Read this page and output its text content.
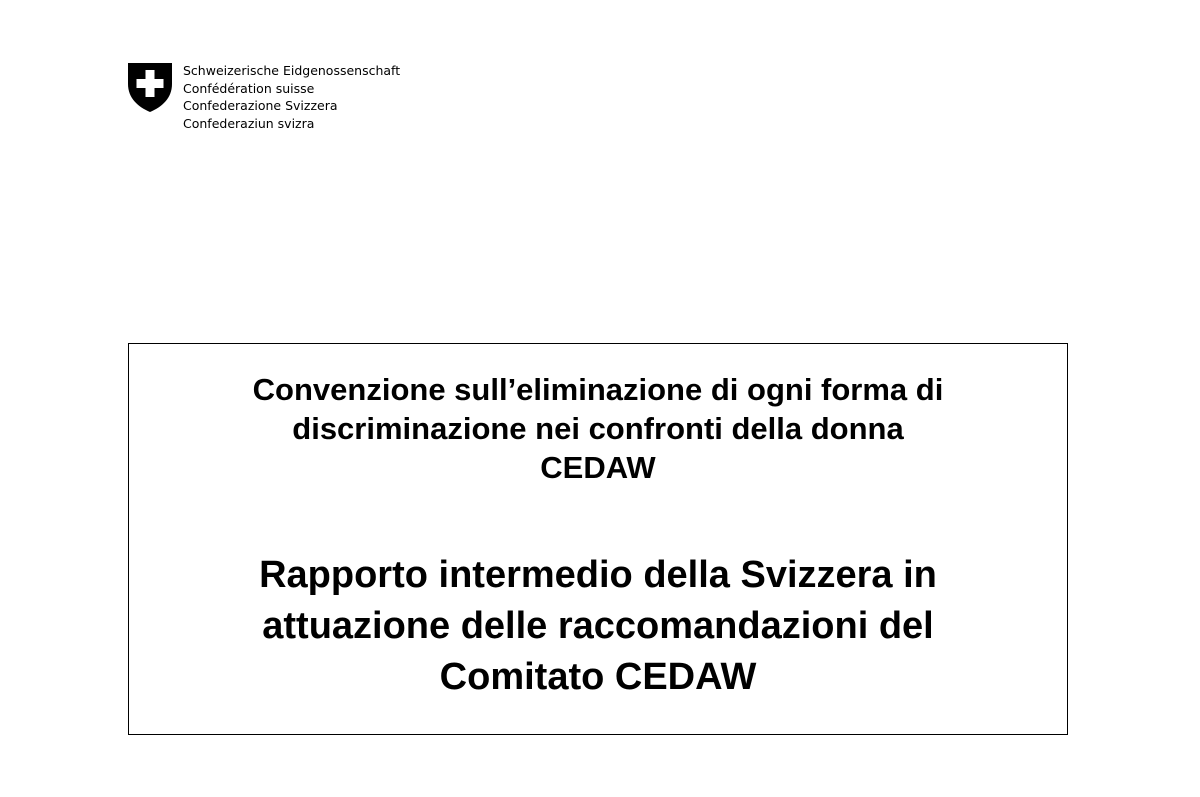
Schweizerische Eidgenossenschaft
Confédération suisse
Confederazione Svizzera
Confederaziun svizra
Convenzione sull’eliminazione di ogni forma di
discriminazione nei confronti della donna
CEDAW
Rapporto intermedio della Svizzera in
attuazione delle raccomandazioni del
Comitato CEDAW
